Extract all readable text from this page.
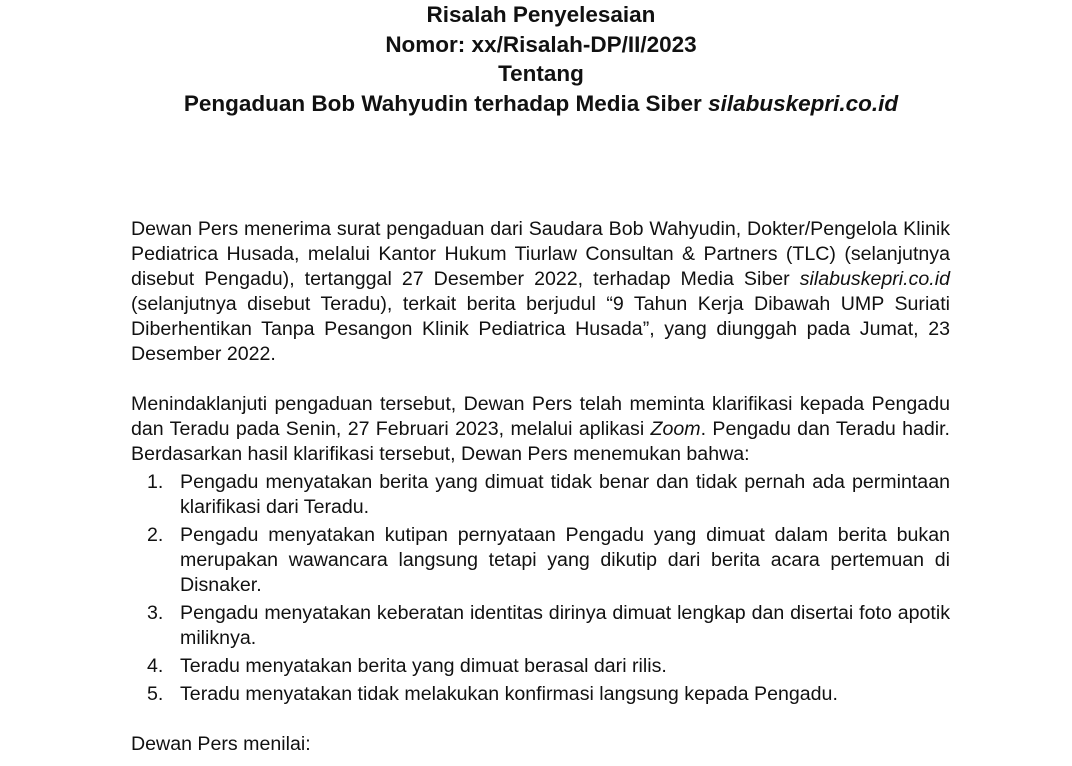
Risalah Penyelesaian
Nomor: xx/Risalah-DP/II/2023
Tentang
Pengaduan Bob Wahyudin terhadap Media Siber silabuskepri.co.id

Dewan Pers menerima surat pengaduan dari Saudara Bob Wahyudin, Dokter/Pengelola Klinik Pediatrica Husada, melalui Kantor Hukum Tiurlaw Consultan & Partners (TLC) (selanjutnya disebut Pengadu), tertanggal 27 Desember 2022, terhadap Media Siber silabuskepri.co.id (selanjutnya disebut Teradu), terkait berita berjudul “9 Tahun Kerja Dibawah UMP Suriati Diberhentikan Tanpa Pesangon Klinik Pediatrica Husada”, yang diunggah pada Jumat, 23 Desember 2022.

Menindaklanjuti pengaduan tersebut, Dewan Pers telah meminta klarifikasi kepada Pengadu dan Teradu pada Senin, 27 Februari 2023, melalui aplikasi Zoom. Pengadu dan Teradu hadir. Berdasarkan hasil klarifikasi tersebut, Dewan Pers menemukan bahwa:

1. Pengadu menyatakan berita yang dimuat tidak benar dan tidak pernah ada permintaan klarifikasi dari Teradu.
2. Pengadu menyatakan kutipan pernyataan Pengadu yang dimuat dalam berita bukan merupakan wawancara langsung tetapi yang dikutip dari berita acara pertemuan di Disnaker.
3. Pengadu menyatakan keberatan identitas dirinya dimuat lengkap dan disertai foto apotik miliknya.
4. Teradu menyatakan berita yang dimuat berasal dari rilis.
5. Teradu menyatakan tidak melakukan konfirmasi langsung kepada Pengadu.
Dewan Pers menilai:
